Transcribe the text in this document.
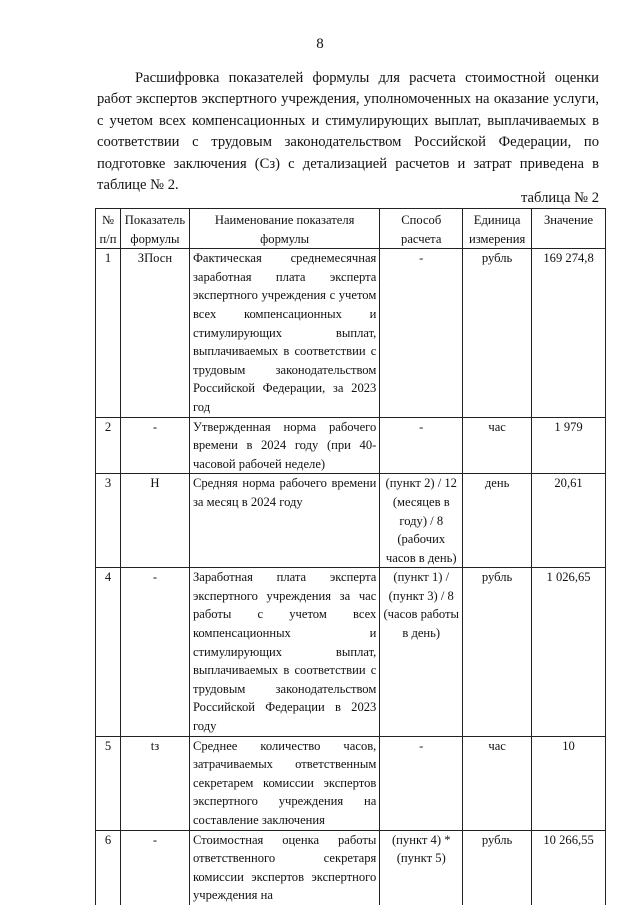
8

Расшифровка показателей формулы для расчета стоимостной оценки работ экспертов экспертного учреждения, уполномоченных на оказание услуги, с учетом всех компенсационных и стимулирующих выплат, выплачиваемых в соответствии с трудовым законодательством Российской Федерации, по подготовке заключения (Сз) с детализацией расчетов и затрат приведена в таблице № 2.

таблица № 2
№ п/п	Показатель формулы	Наименование показателя формулы	Способ расчета	Единица измерения	Значение
1	ЗПосн	Фактическая среднемесячная заработная плата эксперта экспертного учреждения с учетом всех компенсационных и стимулирующих выплат, выплачиваемых в соответствии с трудовым законодательством Российской Федерации, за 2023 год	-	рубль	169 274,8
2	-	Утвержденная норма рабочего времени в 2024 году (при 40-часовой рабочей неделе)	-	час	1 979
3	Н	Средняя норма рабочего времени за месяц в 2024 году	(пункт 2) / 12 (месяцев в году) / 8 (рабочих часов в день)	день	20,61
4	-	Заработная плата эксперта экспертного учреждения за час работы с учетом всех компенсационных и стимулирующих выплат, выплачиваемых в соответствии с трудовым законодательством Российской Федерации в 2023 году	(пункт 1) / (пункт 3) / 8 (часов работы в день)	рубль	1 026,65
5	tз	Среднее количество часов, затрачиваемых ответственным секретарем комиссии экспертов экспертного учреждения на составление заключения	-	час	10
6	-	Стоимостная оценка работы ответственного секретаря комиссии экспертов экспертного учреждения на	(пункт 4) * (пункт 5)	рубль	10 266,55
